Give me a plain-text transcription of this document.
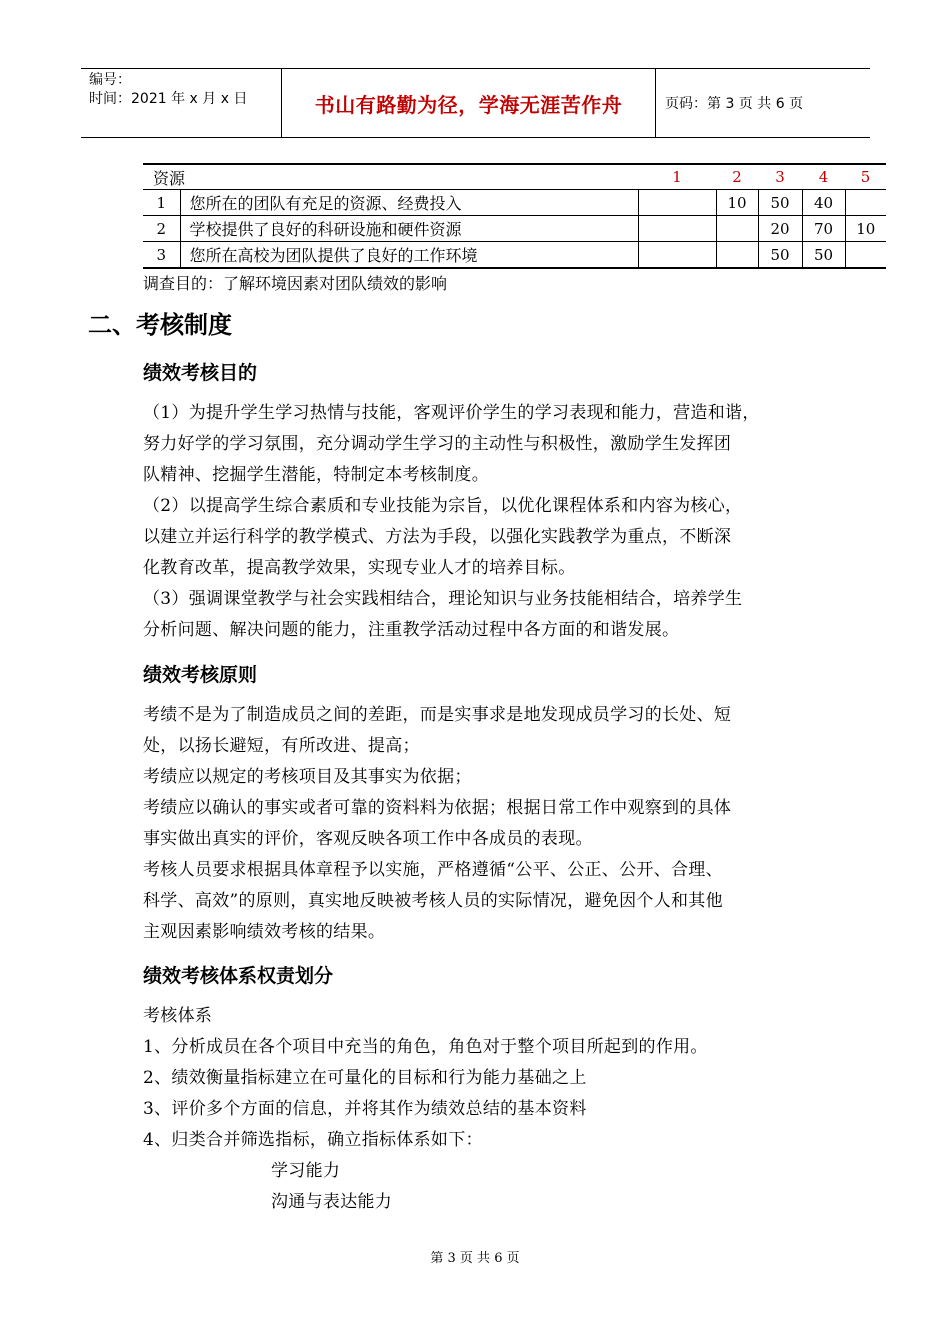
编号：
时间：2021 年 x 月 x 日	书山有路勤为径，学海无涯苦作舟	页码：第 3 页 共 6 页
资源		1	2	3	4	5
1	您所在的团队有充足的资源、经费投入		10	50	40	
2	学校提供了良好的科研设施和硬件资源			20	70	10
3	您所在高校为团队提供了良好的工作环境			50	50	
调查目的：了解环境因素对团队绩效的影响
二、考核制度
绩效考核目的

（1）为提升学生学习热情与技能，客观评价学生的学习表现和能力，营造和谐，

努力好学的学习氛围，充分调动学生学习的主动性与积极性，激励学生发挥团

队精神、挖掘学生潜能，特制定本考核制度。

（2）以提高学生综合素质和专业技能为宗旨，以优化课程体系和内容为核心，

以建立并运行科学的教学模式、方法为手段，以强化实践教学为重点，不断深

化教育改革，提高教学效果，实现专业人才的培养目标。

（3）强调课堂教学与社会实践相结合，理论知识与业务技能相结合，培养学生

分析问题、解决问题的能力，注重教学活动过程中各方面的和谐发展。

绩效考核原则

考绩不是为了制造成员之间的差距，而是实事求是地发现成员学习的长处、短

处，以扬长避短，有所改进、提高；

考绩应以规定的考核项目及其事实为依据；

考绩应以确认的事实或者可靠的资料料为依据；根据日常工作中观察到的具体

事实做出真实的评价，客观反映各项工作中各成员的表现。

考核人员要求根据具体章程予以实施，严格遵循“公平、公正、公开、合理、

科学、高效”的原则，真实地反映被考核人员的实际情况，避免因个人和其他

主观因素影响绩效考核的结果。

绩效考核体系权责划分

考核体系

1、分析成员在各个项目中充当的角色，角色对于整个项目所起到的作用。

2、绩效衡量指标建立在可量化的目标和行为能力基础之上

3、评价多个方面的信息，并将其作为绩效总结的基本资料

4、归类合并筛选指标，确立指标体系如下：

学习能力

沟通与表达能力

第 3 页 共 6 页
